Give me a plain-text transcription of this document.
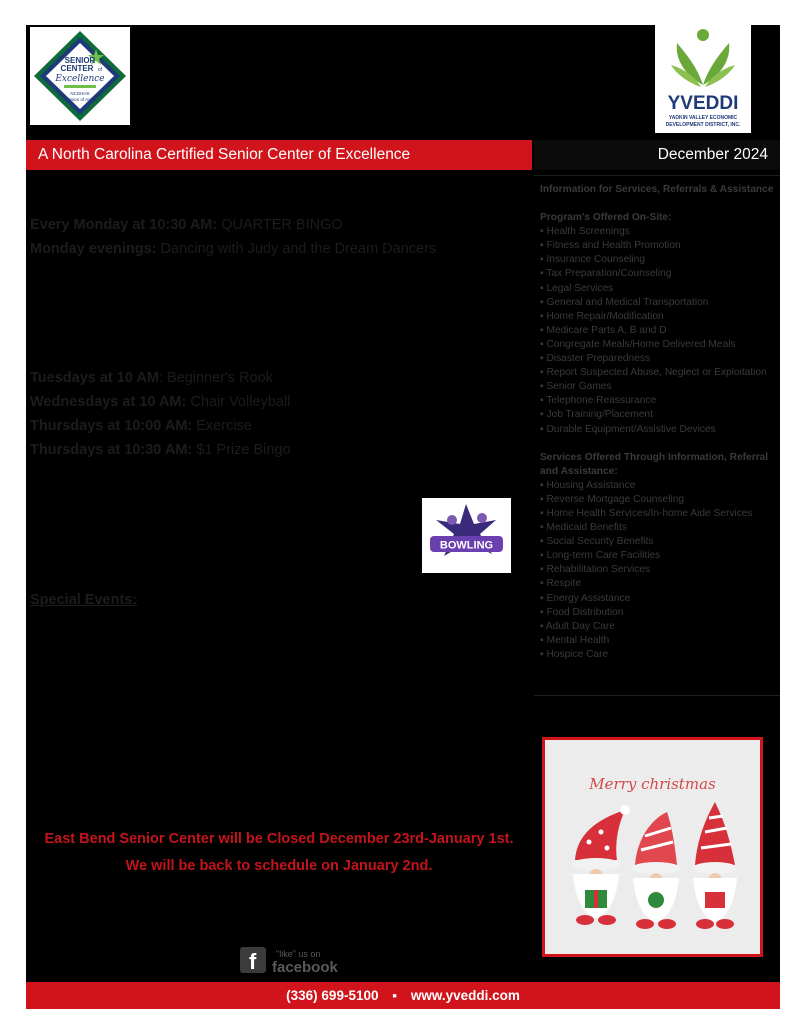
SENIOR
CENTER of
Excellence
NCDHHS
Division of Aging	YVEDDI
YADKIN VALLEY ECONOMIC
DEVELOPMENT DISTRICT, INC.
A North Carolina Certified Senior Center of Excellence	December 2024
Every Monday at 10:30 AM: QUARTER BINGO
Monday evenings: Dancing with Judy and the Dream Dancers
Tuesdays at 10 AM: Beginner's Rook
Wednesdays at 10 AM: Chair Volleyball
Thursdays at 10:00 AM: Exercise
Thursdays at 10:30 AM: $1 Prize Bingo
BOWLING
Special Events:
East Bend Senior Center will be Closed December 23rd-January 1st.
We will be back to schedule on January 2nd.
f "like" us on
facebook
Information for Services, Referrals & Assistance
Program's Offered On-Site:
▪ Health Screenings
▪ Fitness and Health Promotion
▪ Insurance Counseling
▪ Tax Preparation/Counseling
▪ Legal Services
▪ General and Medical Transportation
▪ Home Repair/Modification
▪ Medicare Parts A, B and D
▪ Congregate Meals/Home Delivered Meals
▪ Disaster Preparedness
▪ Report Suspected Abuse, Neglect or Exploitation
▪ Senior Games
▪ Telephone Reassurance
▪ Job Training/Placement
▪ Durable Equipment/Assistive Devices
Services Offered Through Information, Referral and Assistance:
▪ Housing Assistance
▪ Reverse Mortgage Counseling
▪ Home Health Services/In-home Aide Services
▪ Medicaid Benefits
▪ Social Security Benefits
▪ Long-term Care Facilities
▪ Rehabilitation Services
▪ Respite
▪ Energy Assistance
▪ Food Distribution
▪ Adult Day Care
▪ Mental Health
▪ Hospice Care
Merry christmas
(336) 699-5100 ▪ www.yveddi.com
